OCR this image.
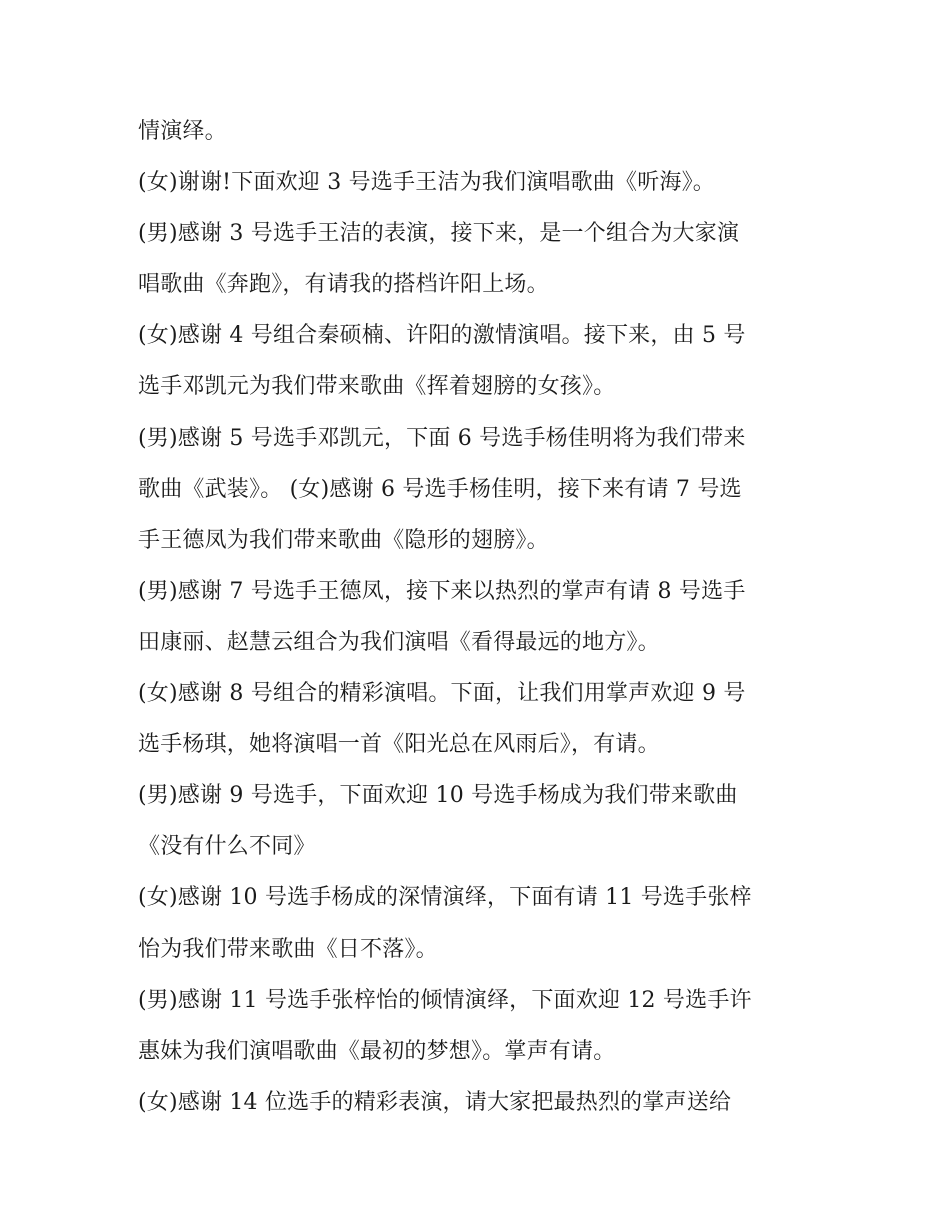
情演绎。
(女)谢谢!下面欢迎 3 号选手王洁为我们演唱歌曲《听海》。
(男)感谢 3 号选手王洁的表演，接下来，是一个组合为大家演
唱歌曲《奔跑》，有请我的搭档许阳上场。
(女)感谢 4 号组合秦硕楠、许阳的激情演唱。接下来，由 5 号
选手邓凯元为我们带来歌曲《挥着翅膀的女孩》。
(男)感谢 5 号选手邓凯元，下面 6 号选手杨佳明将为我们带来
歌曲《武装》。 (女)感谢 6 号选手杨佳明，接下来有请 7 号选
手王德凤为我们带来歌曲《隐形的翅膀》。
(男)感谢 7 号选手王德凤，接下来以热烈的掌声有请 8 号选手
田康丽、赵慧云组合为我们演唱《看得最远的地方》。
(女)感谢 8 号组合的精彩演唱。下面，让我们用掌声欢迎 9 号
选手杨琪，她将演唱一首《阳光总在风雨后》，有请。
(男)感谢 9 号选手，下面欢迎 10 号选手杨成为我们带来歌曲
《没有什么不同》
(女)感谢 10 号选手杨成的深情演绎，下面有请 11 号选手张梓
怡为我们带来歌曲《日不落》。
(男)感谢 11 号选手张梓怡的倾情演绎，下面欢迎 12 号选手许
惠妹为我们演唱歌曲《最初的梦想》。掌声有请。
(女)感谢 14 位选手的精彩表演，请大家把最热烈的掌声送给
